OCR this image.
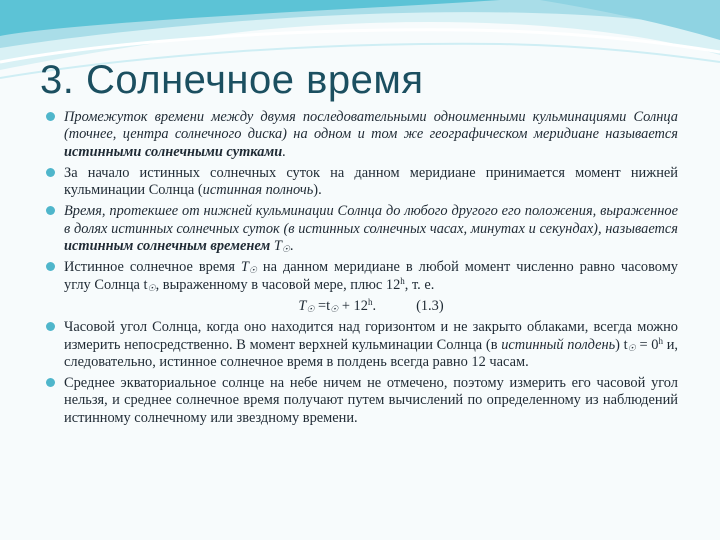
3. Солнечное время
Промежуток времени между двумя последовательными одноименными кульминациями Солнца (точнее, центра солнечного диска) на одном и том же географическом меридиане называется истинными солнечными сутками.
За начало истинных солнечных суток на данном меридиане принимается момент нижней кульминации Солнца (истинная полночь).
Время, протекшее от нижней кульминации Солнца до любого другого его положения, выраженное в долях истинных солнечных суток (в истинных солнечных часах, минутах и секундах), называется истинным солнечным временем $T_☉$.
Истинное солнечное время $T_☉$ на данном меридиане в любой момент численно равно часовому углу Солнца $t_☉$, выраженному в часовой мере, плюс 12$^h$, т. е.
$T_☉ =t_☉ + 12^h$.	(1.3)
Часовой угол Солнца, когда оно находится над горизонтом и не закрыто облаками, всегда можно измерить непосредственно. В момент верхней кульминации Солнца (в истинный полдень) $t_☉ = 0^h$ и, следовательно, истинное солнечное время в полдень всегда равно 12 часам.
Среднее экваториальное солнце на небе ничем не отмечено, поэтому измерить его часовой угол нельзя, и среднее солнечное время получают путем вычислений по определенному из наблюдений истинному солнечному или звездному времени.
